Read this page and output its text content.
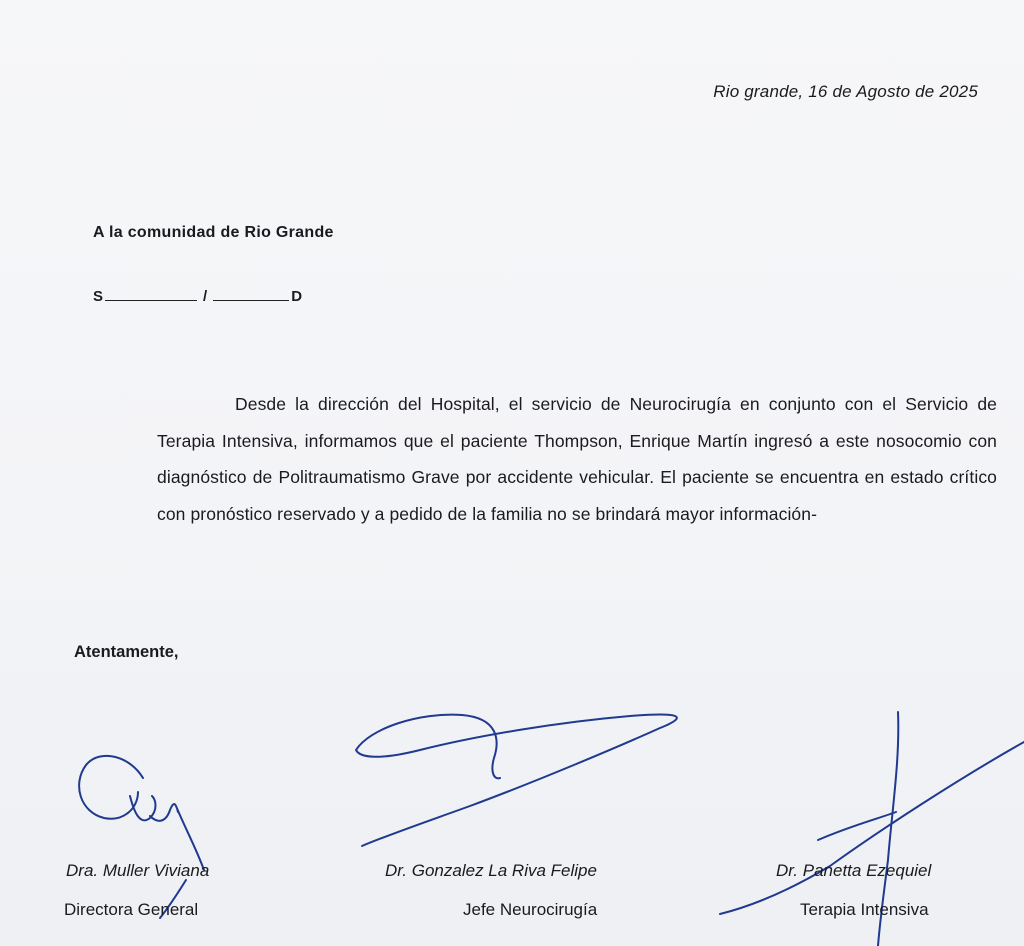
Rio grande, 16 de Agosto de 2025
A la comunidad de Rio Grande
S	/	D

Desde la dirección del Hospital, el servicio de Neurocirugía en conjunto con el Servicio de Terapia Intensiva, informamos que el paciente Thompson, Enrique Martín ingresó a este nosocomio con diagnóstico de Politraumatismo Grave por accidente vehicular. El paciente se encuentra en estado crítico con pronóstico reservado y a pedido de la familia no se brindará mayor información-

Atentamente,
Dra. Muller Viviana
Directora General
Dr. Gonzalez La Riva Felipe
Jefe Neurocirugía
Dr. Panetta Ezequiel
Terapia Intensiva
